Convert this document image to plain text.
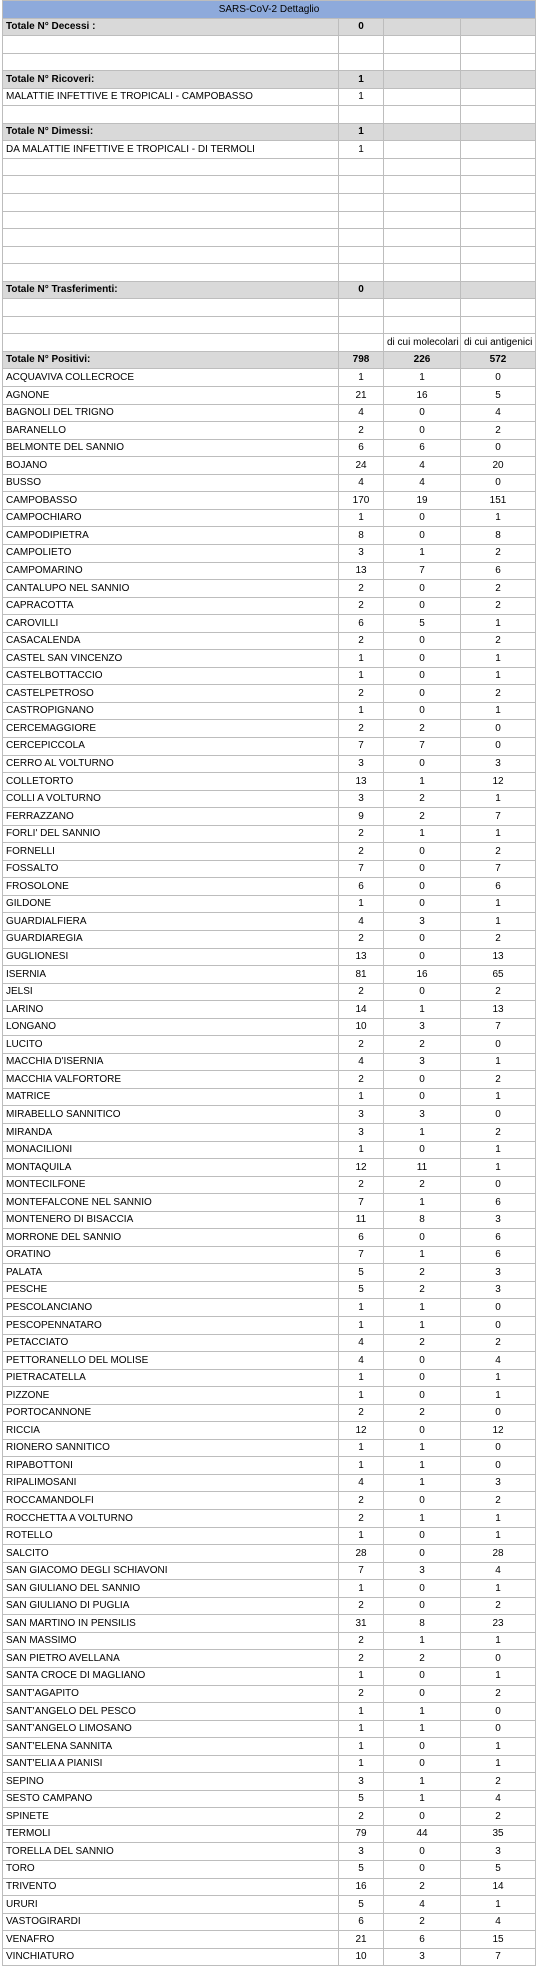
SARS-CoV-2 Dettaglio			
Totale N° Decessi :	0		

Totale N° Ricoveri:	1		
MALATTIE INFETTIVE E TROPICALI - CAMPOBASSO	1		

Totale N° Dimessi:	1		
DA MALATTIE INFETTIVE E TROPICALI - DI TERMOLI	1		

Totale N° Trasferimenti:	0		

		di cui molecolari	di cui antigenici
Totale N° Positivi:	798	226	572
ACQUAVIVA COLLECROCE	1	1	0
AGNONE	21	16	5
BAGNOLI DEL TRIGNO	4	0	4
BARANELLO	2	0	2
BELMONTE DEL SANNIO	6	6	0
BOJANO	24	4	20
BUSSO	4	4	0
CAMPOBASSO	170	19	151
CAMPOCHIARO	1	0	1
CAMPODIPIETRA	8	0	8
CAMPOLIETO	3	1	2
CAMPOMARINO	13	7	6
CANTALUPO NEL SANNIO	2	0	2
CAPRACOTTA	2	0	2
CAROVILLI	6	5	1
CASACALENDA	2	0	2
CASTEL SAN VINCENZO	1	0	1
CASTELBOTTACCIO	1	0	1
CASTELPETROSO	2	0	2
CASTROPIGNANO	1	0	1
CERCEMAGGIORE	2	2	0
CERCEPICCOLA	7	7	0
CERRO AL VOLTURNO	3	0	3
COLLETORTO	13	1	12
COLLI A VOLTURNO	3	2	1
FERRAZZANO	9	2	7
FORLI' DEL SANNIO	2	1	1
FORNELLI	2	0	2
FOSSALTO	7	0	7
FROSOLONE	6	0	6
GILDONE	1	0	1
GUARDIALFIERA	4	3	1
GUARDIAREGIA	2	0	2
GUGLIONESI	13	0	13
ISERNIA	81	16	65
JELSI	2	0	2
LARINO	14	1	13
LONGANO	10	3	7
LUCITO	2	2	0
MACCHIA D'ISERNIA	4	3	1
MACCHIA VALFORTORE	2	0	2
MATRICE	1	0	1
MIRABELLO SANNITICO	3	3	0
MIRANDA	3	1	2
MONACILIONI	1	0	1
MONTAQUILA	12	11	1
MONTECILFONE	2	2	0
MONTEFALCONE NEL SANNIO	7	1	6
MONTENERO DI BISACCIA	11	8	3
MORRONE DEL SANNIO	6	0	6
ORATINO	7	1	6
PALATA	5	2	3
PESCHE	5	2	3
PESCOLANCIANO	1	1	0
PESCOPENNATARO	1	1	0
PETACCIATO	4	2	2
PETTORANELLO DEL MOLISE	4	0	4
PIETRACATELLA	1	0	1
PIZZONE	1	0	1
PORTOCANNONE	2	2	0
RICCIA	12	0	12
RIONERO SANNITICO	1	1	0
RIPABOTTONI	1	1	0
RIPALIMOSANI	4	1	3
ROCCAMANDOLFI	2	0	2
ROCCHETTA A VOLTURNO	2	1	1
ROTELLO	1	0	1
SALCITO	28	0	28
SAN GIACOMO DEGLI SCHIAVONI	7	3	4
SAN GIULIANO DEL SANNIO	1	0	1
SAN GIULIANO DI PUGLIA	2	0	2
SAN MARTINO IN PENSILIS	31	8	23
SAN MASSIMO	2	1	1
SAN PIETRO AVELLANA	2	2	0
SANTA CROCE DI MAGLIANO	1	0	1
SANT'AGAPITO	2	0	2
SANT'ANGELO DEL PESCO	1	1	0
SANT'ANGELO LIMOSANO	1	1	0
SANT'ELENA SANNITA	1	0	1
SANT'ELIA A PIANISI	1	0	1
SEPINO	3	1	2
SESTO CAMPANO	5	1	4
SPINETE	2	0	2
TERMOLI	79	44	35
TORELLA DEL SANNIO	3	0	3
TORO	5	0	5
TRIVENTO	16	2	14
URURI	5	4	1
VASTOGIRARDI	6	2	4
VENAFRO	21	6	15
VINCHIATURO	10	3	7
